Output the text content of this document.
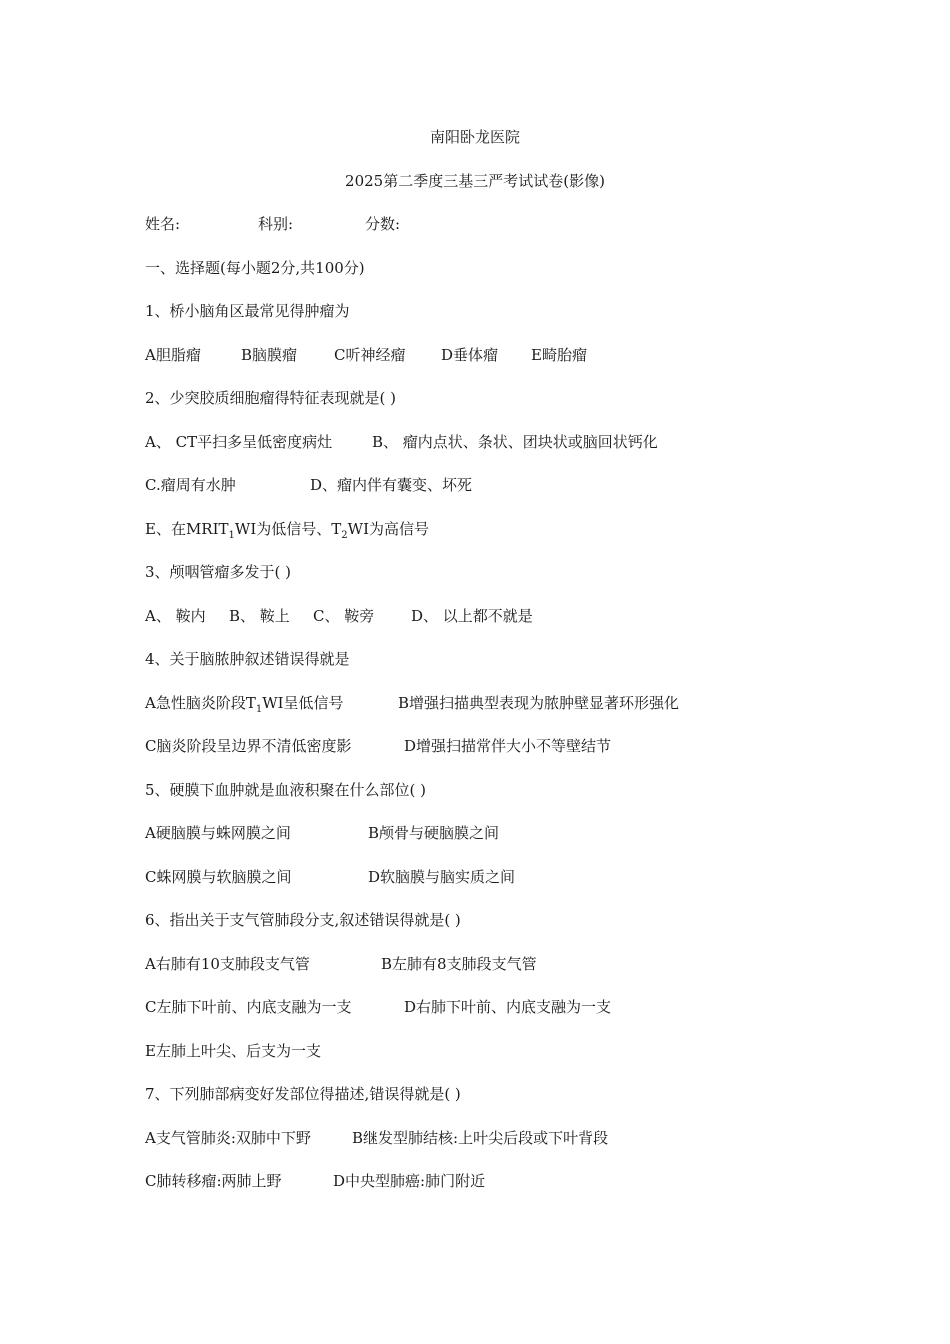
南阳卧龙医院
2025第二季度三基三严考试试卷(影像)
姓名:	科别:	分数:
一、选择题(每小题2分,共100分)
1、桥小脑角区最常见得肿瘤为
A胆脂瘤	B脑膜瘤 C听神经瘤 D垂体瘤 E畸胎瘤
2、少突胶质细胞瘤得特征表现就是( )
A、 CT平扫多呈低密度病灶	B、 瘤内点状、条状、团块状或脑回状钙化
C.瘤周有水肿	D、瘤内伴有囊变、坏死
E、在$MRIT_1WI$为低信号、$T_2WI$为高信号
3、颅咽管瘤多发于( )
A、 鞍内 B、 鞍上 C、 鞍旁 D、 以上都不就是
4、关于脑脓肿叙述错误得就是
A急性脑炎阶段$T_1WI$呈低信号	B增强扫描典型表现为脓肿壁显著环形强化
C脑炎阶段呈边界不清低密度影	D增强扫描常伴大小不等壁结节
5、硬膜下血肿就是血液积聚在什么部位( )
A硬脑膜与蛛网膜之间	B颅骨与硬脑膜之间
C蛛网膜与软脑膜之间	D软脑膜与脑实质之间
6、指出关于支气管肺段分支,叙述错误得就是( )
A右肺有10支肺段支气管	B左肺有8支肺段支气管
C左肺下叶前、内底支融为一支	D右肺下叶前、内底支融为一支
E左肺上叶尖、后支为一支
7、下列肺部病变好发部位得描述,错误得就是( )
A支气管肺炎:双肺中下野	B继发型肺结核:上叶尖后段或下叶背段
C肺转移瘤:两肺上野	D中央型肺癌:肺门附近
